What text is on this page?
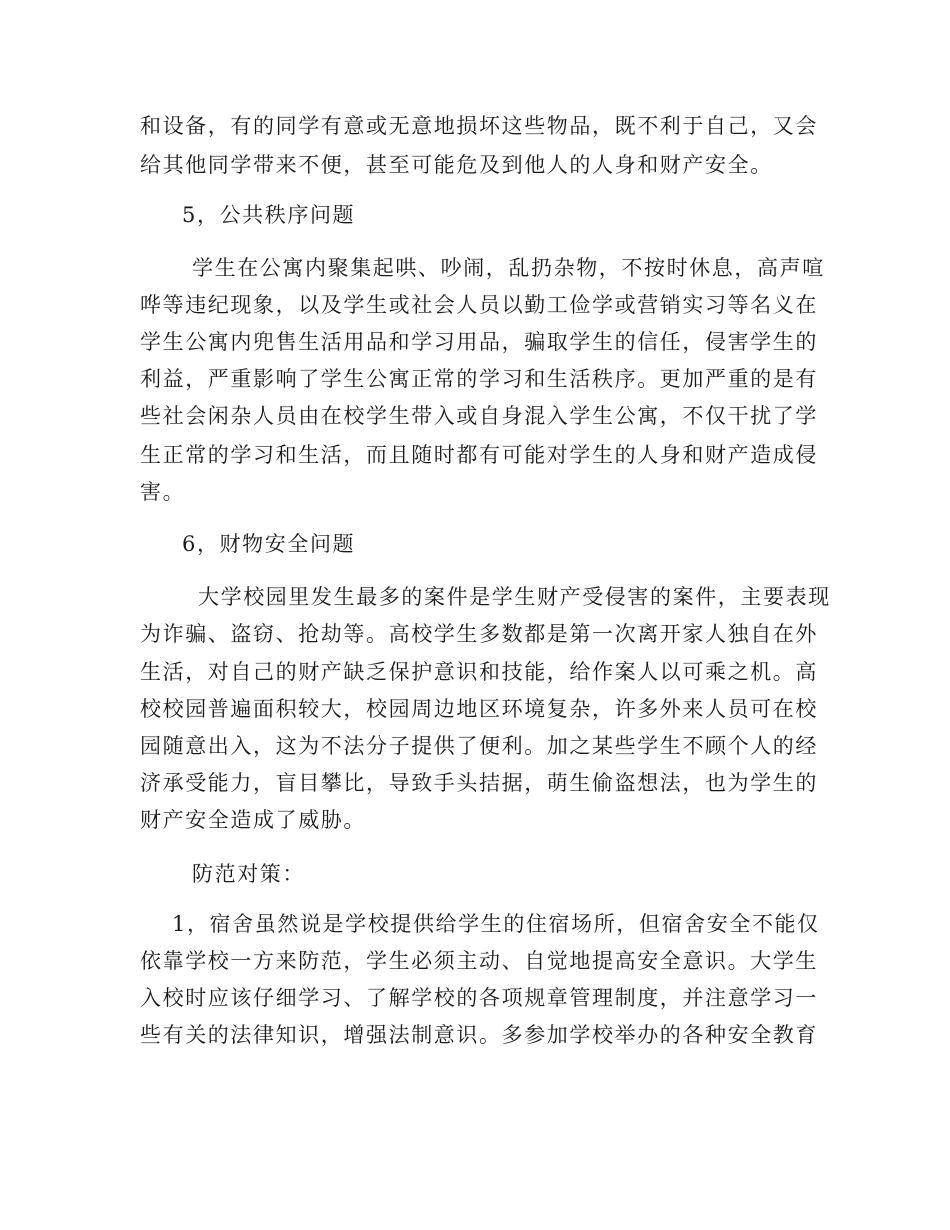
和设备，有的同学有意或无意地损坏这些物品，既不利于自己，又会
给其他同学带来不便，甚至可能危及到他人的人身和财产安全。
5，公共秩序问题
学生在公寓内聚集起哄、吵闹，乱扔杂物，不按时休息，高声喧
哗等违纪现象，以及学生或社会人员以勤工俭学或营销实习等名义在
学生公寓内兜售生活用品和学习用品，骗取学生的信任，侵害学生的
利益，严重影响了学生公寓正常的学习和生活秩序。更加严重的是有
些社会闲杂人员由在校学生带入或自身混入学生公寓，不仅干扰了学
生正常的学习和生活，而且随时都有可能对学生的人身和财产造成侵
害。
6，财物安全问题
大学校园里发生最多的案件是学生财产受侵害的案件，主要表现
为诈骗、盗窃、抢劫等。高校学生多数都是第一次离开家人独自在外
生活，对自己的财产缺乏保护意识和技能，给作案人以可乘之机。高
校校园普遍面积较大，校园周边地区环境复杂，许多外来人员可在校
园随意出入，这为不法分子提供了便利。加之某些学生不顾个人的经
济承受能力，盲目攀比，导致手头拮据，萌生偷盗想法，也为学生的
财产安全造成了威胁。
防范对策：
1，宿舍虽然说是学校提供给学生的住宿场所，但宿舍安全不能仅
依靠学校一方来防范，学生必须主动、自觉地提高安全意识。大学生
入校时应该仔细学习、了解学校的各项规章管理制度，并注意学习一
些有关的法律知识，增强法制意识。多参加学校举办的各种安全教育
